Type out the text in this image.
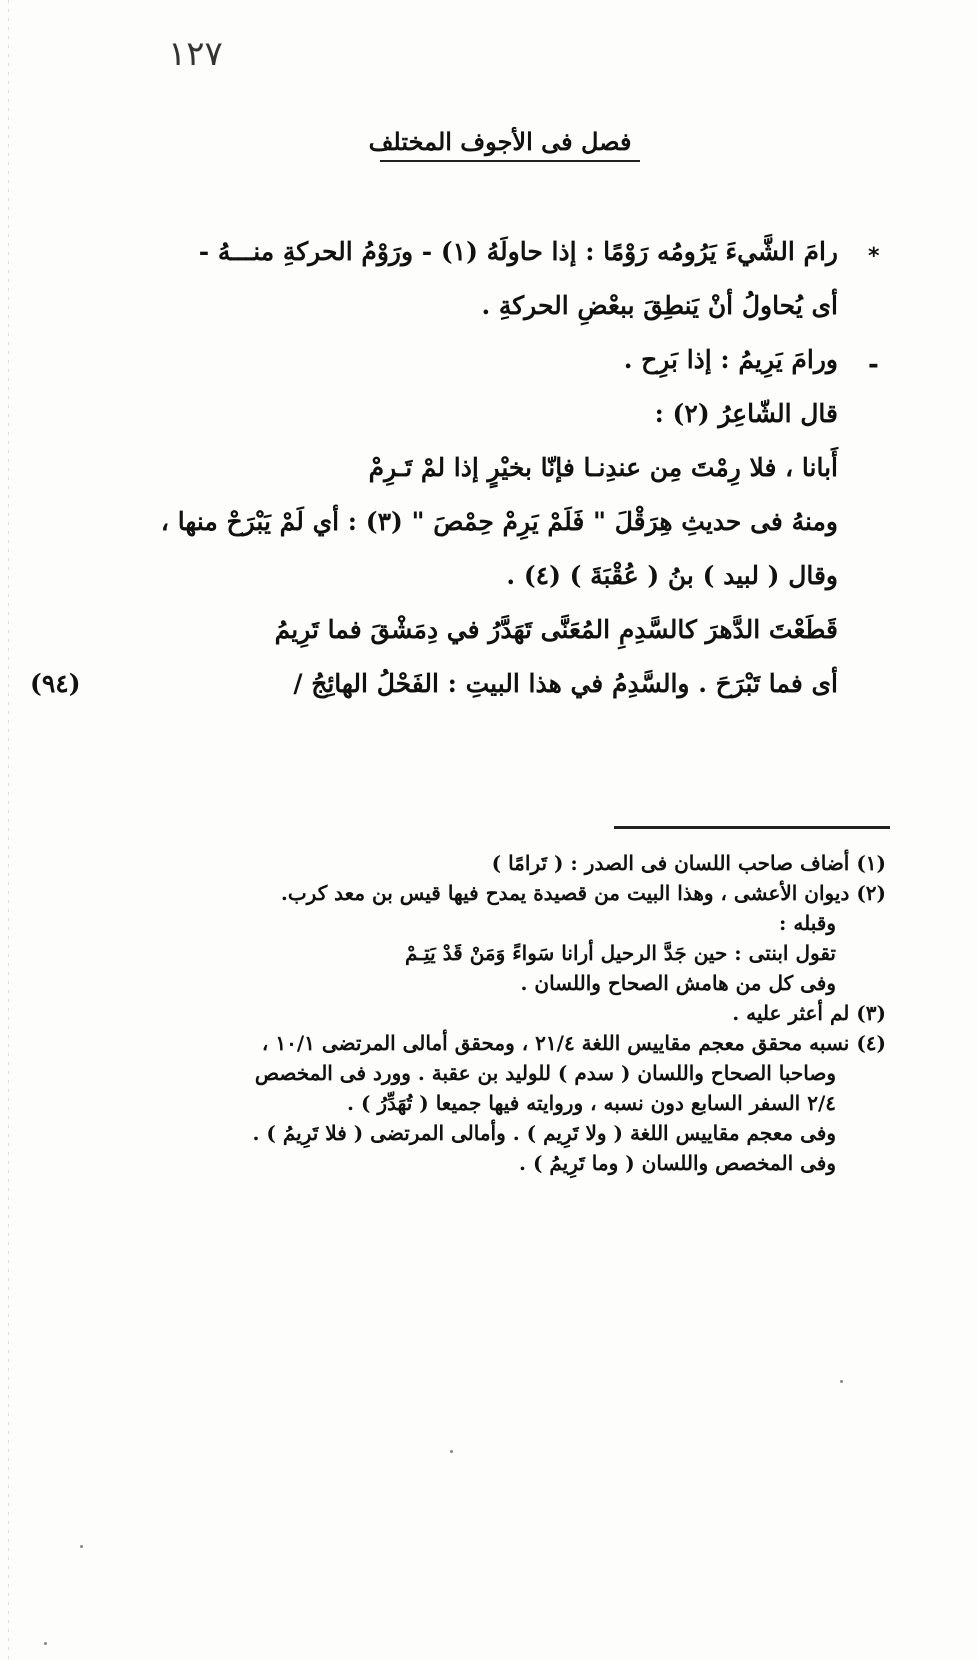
١٢٧
فصل فى الأجوف المختلف
*
-
رامَ الشَّيءَ يَرُومُه رَوْمًا : إذا حاولَهُ (١) - ورَوْمُ الحركةِ منـــهُ -
أى يُحاولُ أنْ يَنطِقَ ببعْضِ الحركةِ .
ورامَ يَرِيمُ : إذا بَرِح .
قال الشّاعِرُ (٢) :
أَبانا ، فلا رِمْتَ مِن عندِنـا فإنّا بخيْرٍ إذا لمْ تَـرِمْ
ومنهُ فى حديثِ هِرَقْلَ " فَلَمْ يَرِمْ حِمْصَ " (٣) : أي لَمْ يَبْرَحْ منها ،
وقال ( لبيد ) بنُ ( عُقْبَةَ ) (٤) .
قَطَعْتَ الدَّهرَ كالسَّدِمِ المُعَنَّى تَهَدَّرُ في دِمَشْقَ فما تَرِيمُ
أى فما تَبْرَحَ . والسَّدِمُ في هذا البيتِ : الفَحْلُ الهائِجُ /
(٩٤)
(١) أضاف صاحب اللسان فى الصدر : ( تَرامًا )
(٢) ديوان الأعشى ، وهذا البيت من قصيدة يمدح فيها قيس بن معد كرب.
وقبله :
تقول ابنتى : حين جَدَّ الرحيل أرانا سَواءً وَمَنْ قَدْ يَتِـمْ
وفى كل من هامش الصحاح واللسان .
(٣) لم أعثر عليه .
(٤) نسبه محقق معجم مقاييس اللغة ٢١/٤ ، ومحقق أمالى المرتضى ١٠/١ ،
وصاحبا الصحاح واللسان ( سدم ) للوليد بن عقبة . وورد فى المخصص
٢/٤ السفر السابع دون نسبه ، وروايته فيها جميعا ( تُهَدِّرُ ) .
وفى معجم مقاييس اللغة ( ولا تَرِيم ) . وأمالى المرتضى ( فلا تَرِيمُ ) .
وفى المخصص واللسان ( وما تَرِيمُ ) .
